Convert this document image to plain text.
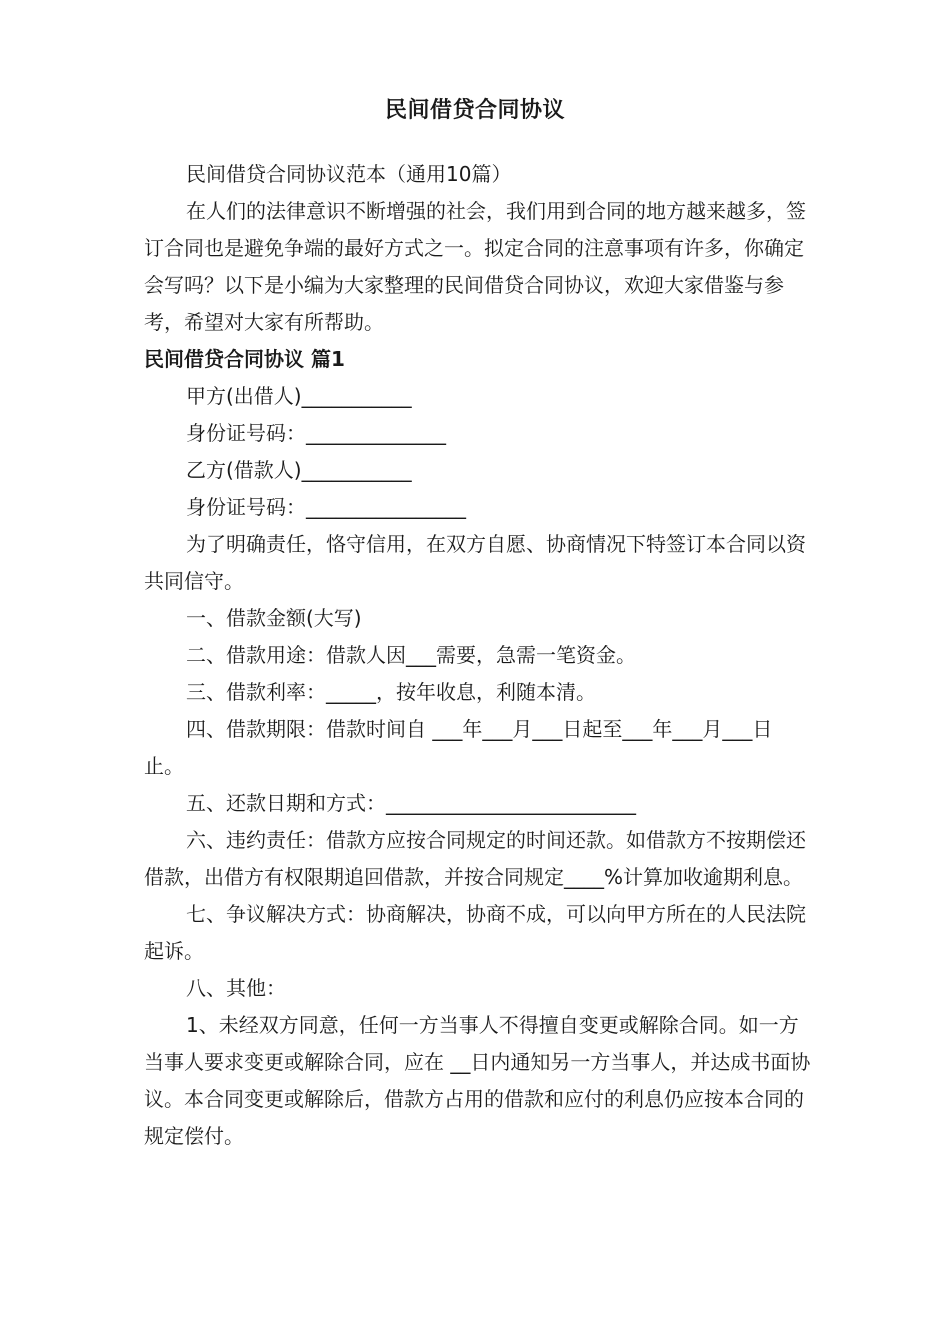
民间借贷合同协议

民间借贷合同协议范本（通用10篇）

在人们的法律意识不断增强的社会，我们用到合同的地方越来越多，签订合同也是避免争端的最好方式之一。拟定合同的注意事项有许多，你确定会写吗？以下是小编为大家整理的民间借贷合同协议，欢迎大家借鉴与参考，希望对大家有所帮助。

民间借贷合同协议 篇1

甲方(出借人)___________

身份证号码：______________

乙方(借款人)___________

身份证号码：________________

为了明确责任，恪守信用，在双方自愿、协商情况下特签订本合同以资共同信守。

一、借款金额(大写)

二、借款用途：借款人因___需要，急需一笔资金。

三、借款利率：_____，按年收息，利随本清。

四、借款期限：借款时间自 ___年___月___日起至___年___月___日止。

五、还款日期和方式：_________________________

六、违约责任：借款方应按合同规定的时间还款。如借款方不按期偿还借款，出借方有权限期追回借款，并按合同规定____%计算加收逾期利息。

七、争议解决方式：协商解决，协商不成，可以向甲方所在的人民法院起诉。

八、其他：

1、未经双方同意，任何一方当事人不得擅自变更或解除合同。如一方当事人要求变更或解除合同，应在 __日内通知另一方当事人，并达成书面协议。本合同变更或解除后，借款方占用的借款和应付的利息仍应按本合同的规定偿付。
